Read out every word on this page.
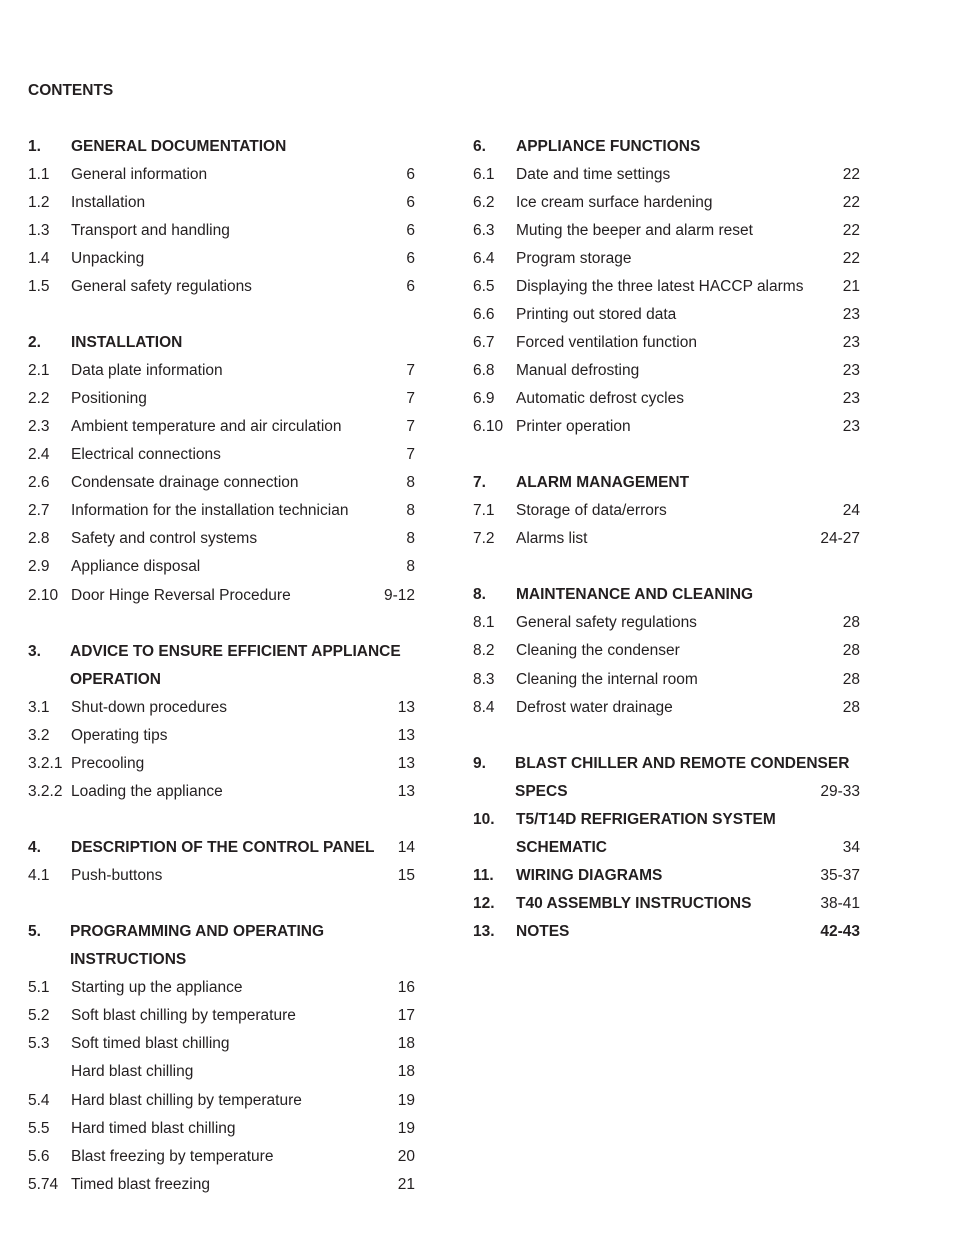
CONTENTS
1. GENERAL DOCUMENTATION
1.1 General information	6
1.2 Installation	6
1.3 Transport and handling	6
1.4 Unpacking	6
1.5 General safety regulations	6
2. INSTALLATION
2.1 Data plate information	7
2.2 Positioning	7
2.3 Ambient temperature and air circulation	7
2.4 Electrical connections	7
2.6 Condensate drainage connection	8
2.7 Information for the installation technician	8
2.8 Safety and control systems	8
2.9 Appliance disposal	8
2.10 Door Hinge Reversal Procedure	9-12
3. ADVICE TO ENSURE EFFICIENT APPLIANCE
OPERATION
3.1 Shut-down procedures	13
3.2 Operating tips	13
3.2.1 Precooling	13
3.2.2 Loading the appliance	13
4. DESCRIPTION OF THE CONTROL PANEL 14
4.1 Push-buttons	15
5. PROGRAMMING AND OPERATING
INSTRUCTIONS
5.1 Starting up the appliance	16
5.2 Soft blast chilling by temperature	17
5.3 Soft timed blast chilling	18
Hard blast chilling	18
5.4 Hard blast chilling by temperature	19
5.5 Hard timed blast chilling	19
5.6 Blast freezing by temperature	20
5.74 Timed blast freezing	21
6. APPLIANCE FUNCTIONS
6.1 Date and time settings	22
6.2 Ice cream surface hardening	22
6.3 Muting the beeper and alarm reset	22
6.4 Program storage	22
6.5 Displaying the three latest HACCP alarms	21
6.6 Printing out stored data	23
6.7 Forced ventilation function	23
6.8 Manual defrosting	23
6.9 Automatic defrost cycles	23
6.10 Printer operation	23
7. ALARM MANAGEMENT
7.1 Storage of data/errors	24
7.2 Alarms list	24-27
8. MAINTENANCE AND CLEANING
8.1 General safety regulations	28
8.2 Cleaning the condenser	28
8.3 Cleaning the internal room	28
8.4 Defrost water drainage	28
9. BLAST CHILLER AND REMOTE CONDENSER
SPECS	29-33
10. T5/T14D REFRIGERATION SYSTEM
SCHEMATIC	34
11. WIRING DIAGRAMS	35-37
12. T40 ASSEMBLY INSTRUCTIONS	38-41
13. NOTES	42-43
